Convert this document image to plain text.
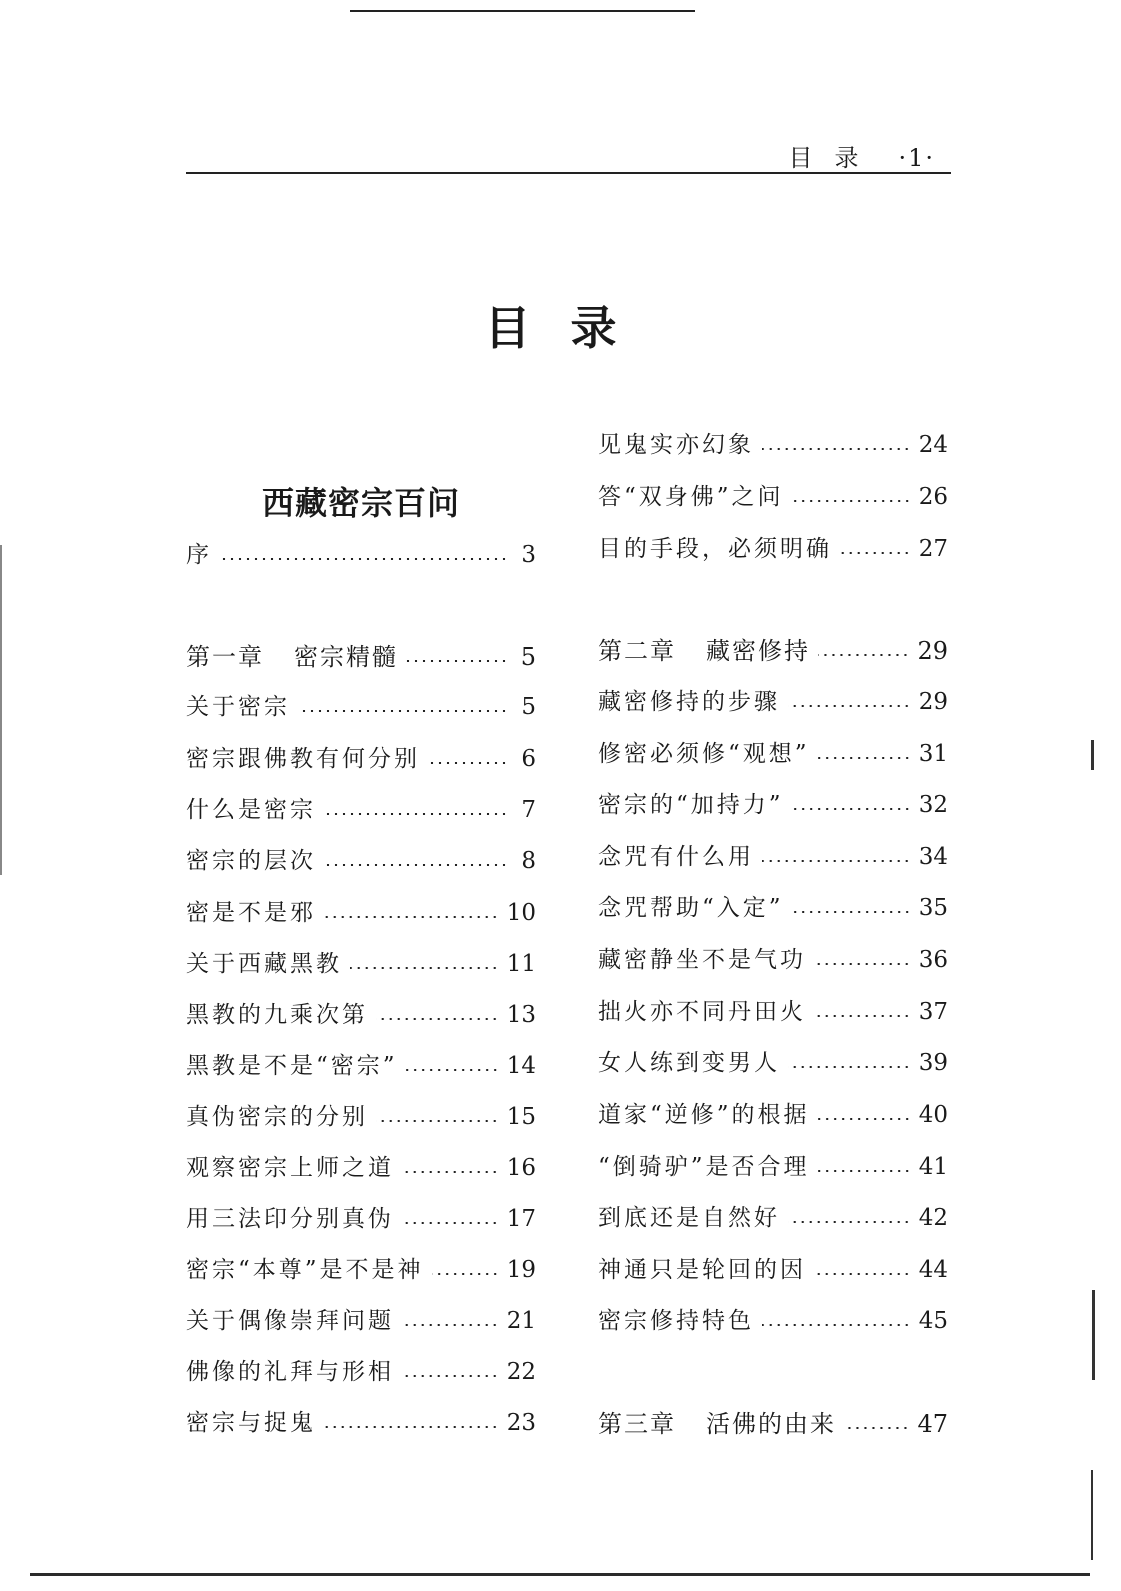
目录 ·1·
目录
西藏密宗百问
序	3
第一章 密宗精髓	5
关于密宗	5
密宗跟佛教有何分别	6
什么是密宗	7
密宗的层次	8
密是不是邪	10
关于西藏黑教	11
黑教的九乘次第	13
黑教是不是“密宗”	14
真伪密宗的分别	15
观察密宗上师之道	16
用三法印分别真伪	17
密宗“本尊”是不是神	19
关于偶像崇拜问题	21
佛像的礼拜与形相	22
密宗与捉鬼	23
见鬼实亦幻象	24
答“双身佛”之问	26
目的手段，必须明确	27
第二章 藏密修持	29
藏密修持的步骤	29
修密必须修“观想”	31
密宗的“加持力”	32
念咒有什么用	34
念咒帮助“入定”	35
藏密静坐不是气功	36
拙火亦不同丹田火	37
女人练到变男人	39
道家“逆修”的根据	40
“倒骑驴”是否合理	41
到底还是自然好	42
神通只是轮回的因	44
密宗修持特色	45
第三章 活佛的由来	47
